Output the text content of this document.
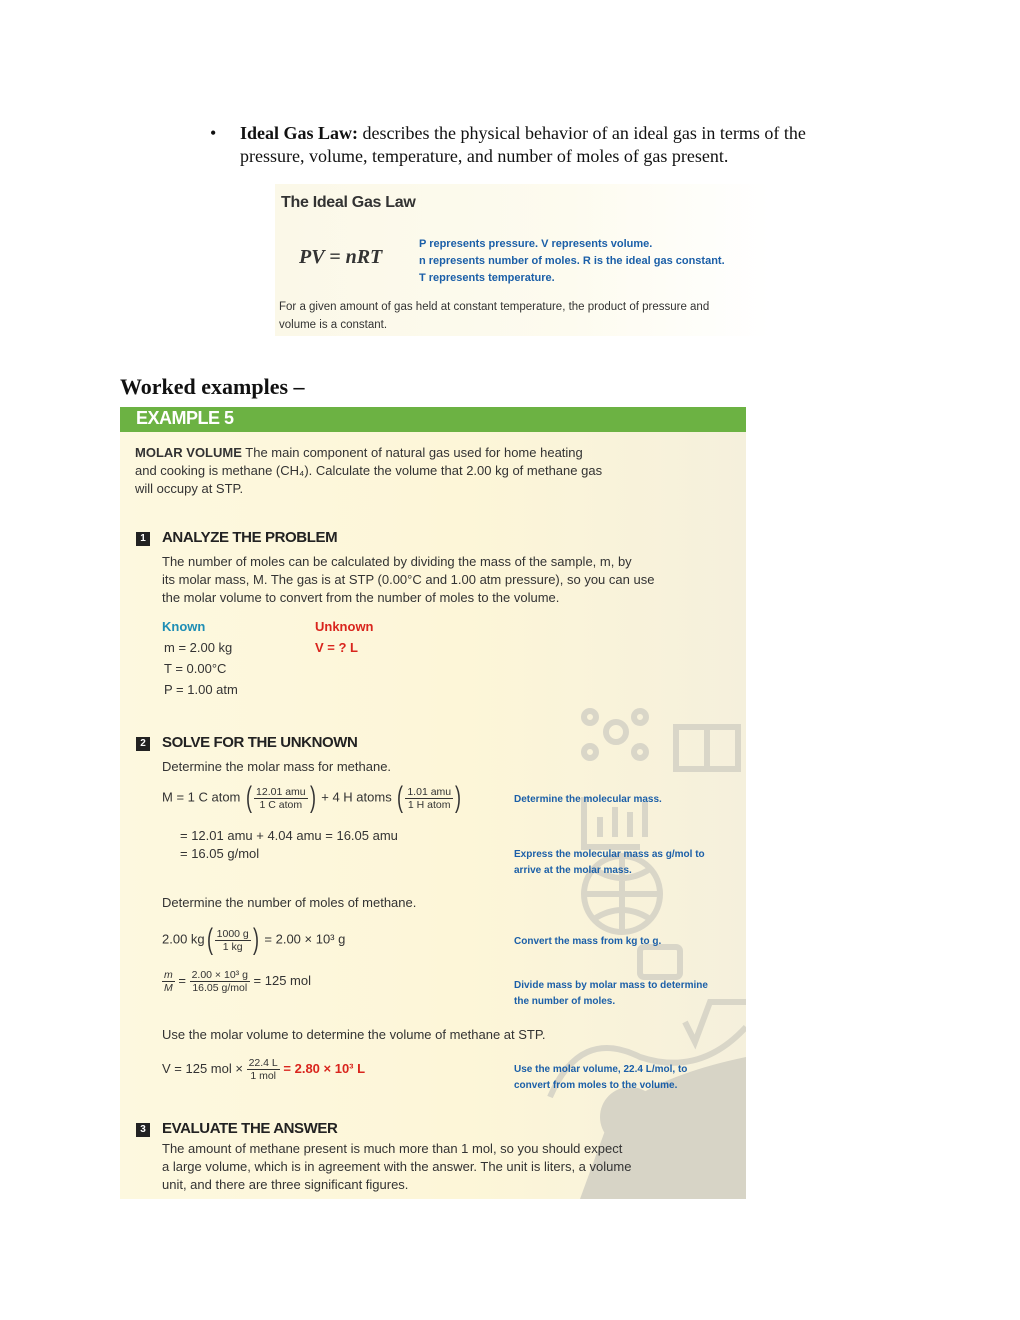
• Ideal Gas Law: describes the physical behavior of an ideal gas in terms of the
pressure, volume, temperature, and number of moles of gas present.
The Ideal Gas Law
PV = nRT
P represents pressure. V represents volume.
n represents number of moles. R is the ideal gas constant.
T represents temperature.
For a given amount of gas held at constant temperature, the product of pressure and
volume is a constant.
Worked examples –
EXAMPLE 5
MOLAR VOLUME The main component of natural gas used for home heating
and cooking is methane (CH₄). Calculate the volume that 2.00 kg of methane gas
will occupy at STP.
1 ANALYZE THE PROBLEM
The number of moles can be calculated by dividing the mass of the sample, m, by
its molar mass, M. The gas is at STP (0.00°C and 1.00 atm pressure), so you can use
the molar volume to convert from the number of moles to the volume.
Known	Unknown
m = 2.00 kg
T = 0.00°C
P = 1.00 atm
V = ? L
2 SOLVE FOR THE UNKNOWN
Determine the molar mass for methane.
M = 1 C atom ( $\frac{\text{12.01 amu}}{\text{1 C atom}}$ ) + 4 H atoms ( $\frac{\text{1.01 amu}}{\text{1 H atom}}$ )
= 12.01 amu + 4.04 amu = 16.05 amu
= 16.05 g/mol
Determine the number of moles of methane.
2.00 $kg( \frac{1000 g}{1 kg}$ ) = 2.00 × 10³ g
$\frac{m}{M} = \frac{\text{2.00 × 10³ g}}{\text{16.05 g/mol}} = 125$ mol
Use the molar volume to determine the volume of methane at STP.
V = 125 mol × $\frac{22.4 L}{\text{1 mol}} = 2.80 \times 10^3$ L
Determine the molecular mass.
Express the molecular mass as g/mol to
arrive at the molar mass.
Convert the mass from kg to g.
Divide mass by molar mass to determine
the number of moles.
Use the molar volume, 22.4 L/mol, to
convert from moles to the volume.
3 EVALUATE THE ANSWER
The amount of methane present is much more than 1 mol, so you should expect
a large volume, which is in agreement with the answer. The unit is liters, a volume
unit, and there are three significant figures.
